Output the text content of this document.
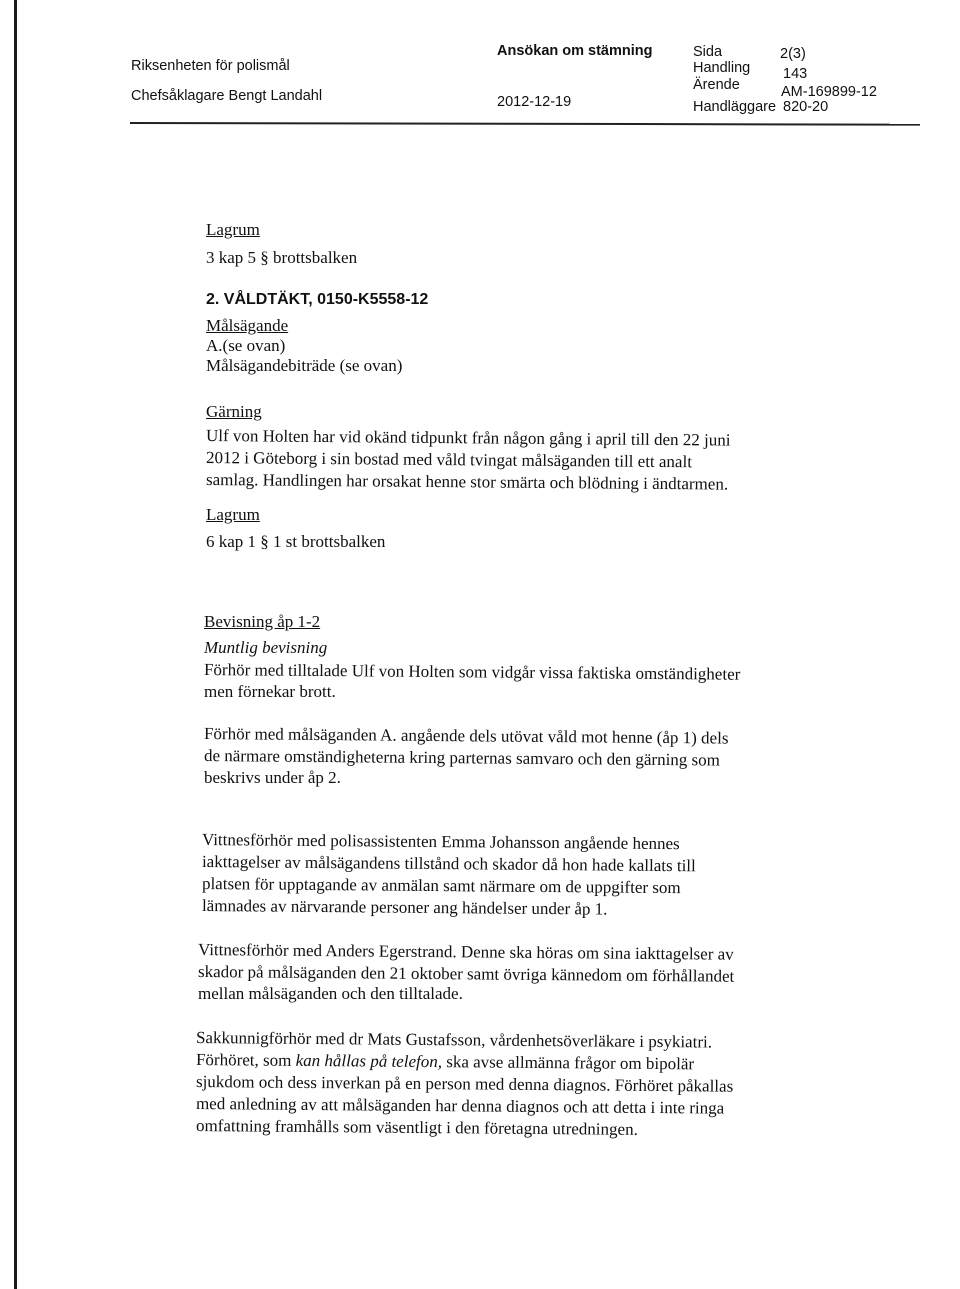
Riksenheten för polismål
Chefsåklagare Bengt Landahl
Ansökan om stämning
2012-12-19
Sida	2(3)
Handling 143
Ärende	AM-169899-12
Handläggare 820-20
Lagrum
3 kap 5 § brottsbalken
2. VÅLDTÄKT, 0150-K5558-12
Målsägande
A.(se ovan)
Målsägandebiträde (se ovan)
Gärning
Ulf von Holten har vid okänd tidpunkt från någon gång i april till den 22 juni
2012 i Göteborg i sin bostad med våld tvingat målsäganden till ett analt
samlag. Handlingen har orsakat henne stor smärta och blödning i ändtarmen.
Lagrum
6 kap 1 § 1 st brottsbalken
Bevisning åp 1-2
Muntlig bevisning
Förhör med tilltalade Ulf von Holten som vidgår vissa faktiska omständigheter
men förnekar brott.
Förhör med målsäganden A. angående dels utövat våld mot henne (åp 1) dels
de närmare omständigheterna kring parternas samvaro och den gärning som
beskrivs under åp 2.
Vittnesförhör med polisassistenten Emma Johansson angående hennes
iakttagelser av målsägandens tillstånd och skador då hon hade kallats till
platsen för upptagande av anmälan samt närmare om de uppgifter som
lämnades av närvarande personer ang händelser under åp 1.
Vittnesförhör med Anders Egerstrand. Denne ska höras om sina iakttagelser av
skador på målsäganden den 21 oktober samt övriga kännedom om förhållandet
mellan målsäganden och den tilltalade.
Sakkunnigförhör med dr Mats Gustafsson, vårdenhetsöverläkare i psykiatri.
Förhöret, som kan hållas på telefon, ska avse allmänna frågor om bipolär
sjukdom och dess inverkan på en person med denna diagnos. Förhöret påkallas
med anledning av att målsäganden har denna diagnos och att detta i inte ringa
omfattning framhålls som väsentligt i den företagna utredningen.
